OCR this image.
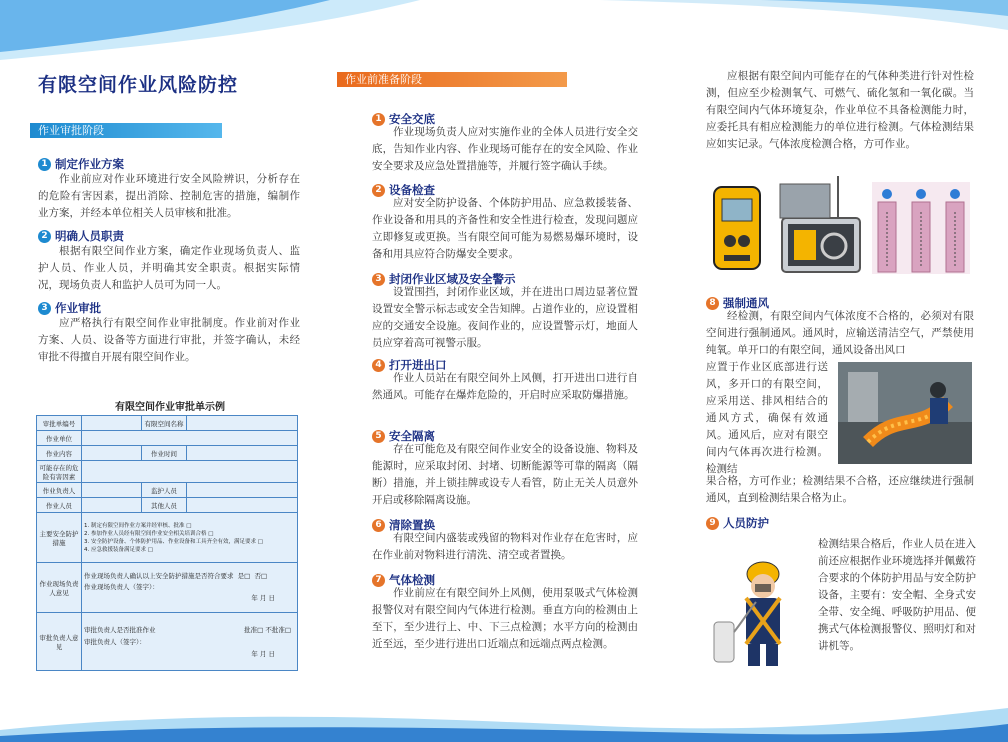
有限空间作业风险防控
作业审批阶段
1 制定作业方案
作业前应对作业环境进行安全风险辨识，分析存在的危险有害因素，提出消除、控制危害的措施，编制作业方案，并经本单位相关人员审核和批准。
2 明确人员职责
根据有限空间作业方案，确定作业现场负责人、监护人员、作业人员，并明确其安全职责。根据实际情况，现场负责人和监护人员可为同一人。
3 作业审批
应严格执行有限空间作业审批制度。作业前对作业方案、人员、设备等方面进行审批，并签字确认，未经审批不得擅自开展有限空间作业。
有限空间作业审批单示例
审批单编号		有限空间名称	
作业单位			
作业内容		作业时间	
可能存在的危险有害因素			
作业负责人		监护人员	
作业人员		其他人员	
主要安全防护措施	1. 制定有限空间作业方案并经审核、批准 □
2. 参加作业人员经有限空间作业安全相关培训合格 □
3. 安全防护设备、个体防护用品、作业设备和工具齐全有效，满足要求 □
4. 应急救援装备满足要求 □		

作业现场负责人意见	作业现场负责人确认以上安全防护措施是否符合要求 是□ 否□
作业现场负责人（签字）：
年 月 日		

审批负责人意见	审批负责人是否批准作业 批准□ 不批准□
审批负责人（签字）：
年 月 日		
作业前准备阶段
1 安全交底
作业现场负责人应对实施作业的全体人员进行安全交底，告知作业内容、作业现场可能存在的安全风险、作业安全要求及应急处置措施等，并履行签字确认手续。
2 设备检查
应对安全防护设备、个体防护用品、应急救援装备、作业设备和用具的齐备性和安全性进行检查，发现问题应立即修复或更换。当有限空间可能为易燃易爆环境时，设备和用具应符合防爆安全要求。
3 封闭作业区域及安全警示
设置围挡，封闭作业区域，并在进出口周边显著位置设置安全警示标志或安全告知牌。占道作业的，应设置相应的交通安全设施。夜间作业的，应设置警示灯，地面人员应穿着高可视警示服。
4 打开进出口
作业人员站在有限空间外上风侧，打开进出口进行自然通风。可能存在爆炸危险的，开启时应采取防爆措施。
5 安全隔离
存在可能危及有限空间作业安全的设备设施、物料及能源时，应采取封闭、封堵、切断能源等可靠的隔离（隔断）措施，并上锁挂牌或设专人看管，防止无关人员意外开启或移除隔离设施。
6 清除置换
有限空间内盛装或残留的物料对作业存在危害时，应在作业前对物料进行清洗、清空或者置换。
7 气体检测
作业前应在有限空间外上风侧，使用泵吸式气体检测报警仪对有限空间内气体进行检测。垂直方向的检测由上至下，至少进行上、中、下三点检测；水平方向的检测由近至远，至少进行进出口近端点和远端点两点检测。
应根据有限空间内可能存在的气体种类进行针对性检测，但应至少检测氧气、可燃气、硫化氢和一氧化碳。当有限空间内气体环境复杂，作业单位不具备检测能力时，应委托具有相应检测能力的单位进行检测。气体检测结果应如实记录。气体浓度检测合格，方可作业。
8 强制通风
经检测，有限空间内气体浓度不合格的，必须对有限空间进行强制通风。通风时，应输送清洁空气，严禁使用纯氧。单开口的有限空间，通风设备出风口
应置于作业区底部进行送风，多开口的有限空间，应采用送、排风相结合的通风方式，确保有效通风。通风后，应对有限空间内气体再次进行检测。检测结
果合格，方可作业；检测结果不合格，还应继续进行强制通风，直到检测结果合格为止。
9 人员防护
检测结果合格后，作业人员在进入前还应根据作业环境选择并佩戴符合要求的个体防护用品与安全防护设备，主要有：安全帽、全身式安全带、安全绳、呼吸防护用品、便携式气体检测报警仪、照明灯和对讲机等。
